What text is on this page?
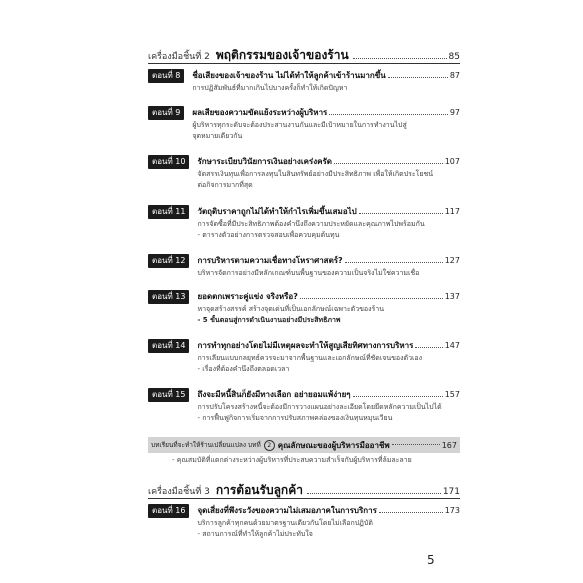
เครื่องมือชิ้นที่ 2 พฤติกรรมของเจ้าของร้าน	85
ตอนที่ 8	ชื่อเสียงของเจ้าของร้าน ไม่ได้ทำให้ลูกค้าเข้าร้านมากขึ้น	87
การปฏิสัมพันธ์ที่มากเกินไปบางครั้งก็ทำให้เกิดปัญหา
ตอนที่ 9	ผลเสียของความขัดแย้งระหว่างผู้บริหาร	97
ผู้บริหารทุกระดับจะต้องประสานงานกันและมีเป้าหมายในการทำงานไปสู่
จุดหมายเดียวกัน
ตอนที่ 10	รักษาระเบียบวินัยการเงินอย่างเคร่งครัด	107
จัดสรรเงินทุนเพื่อการลงทุนในสินทรัพย์อย่างมีประสิทธิภาพ เพื่อให้เกิดประโยชน์
ต่อกิจการมากที่สุด
ตอนที่ 11	วัตถุดิบราคาถูกไม่ได้ทำให้กำไรเพิ่มขึ้นเสมอไป	117
การจัดซื้อที่มีประสิทธิภาพต้องคำนึงถึงความประหยัดและคุณภาพไปพร้อมกัน
- ตารางตัวอย่างการตรวจสอบเพื่อควบคุมต้นทุน
ตอนที่ 12	การบริหารตามความเชื่อทางโหราศาสตร์?	127
บริหารจัดการอย่างมีหลักเกณฑ์บนพื้นฐานของความเป็นจริงไม่ใช่ความเชื่อ
ตอนที่ 13	ยอดตกเพราะคู่แข่ง จริงหรือ?	137
หาจุดสร้างสรรค์ สร้างจุดเด่นที่เป็นเอกลักษณ์เฉพาะตัวของร้าน
- 5 ขั้นตอนสู่การดำเนินงานอย่างมีประสิทธิภาพ
ตอนที่ 14	การทำทุกอย่างโดยไม่มีเหตุผลจะทำให้สูญเสียทิศทางการบริหาร	147
การเลียนแบบกลยุทธ์ควรจะมาจากพื้นฐานและเอกลักษณ์ที่ชัดเจนของตัวเอง
- เรื่องที่ต้องคำนึงถึงตลอดเวลา
ตอนที่ 15	ถึงจะมีหนี้สินก็ยังมีทางเลือก อย่ายอมแพ้ง่ายๆ	157
การปรับโครงสร้างหนี้จะต้องมีการวางแผนอย่างละเอียดโดยยึดหลักความเป็นไปได้
- การฟื้นฟูกิจการเริ่มจากการปรับสภาพคล่องของเงินทุนหมุนเวียน
บทเรียนที่จะทำให้ร้านเปลี่ยนแปลง บทที่	2 คุณลักษณะของผู้บริหารมืออาชีพ	167
- คุณสมบัติที่แตกต่างระหว่างผู้บริหารที่ประสบความสำเร็จกับผู้บริหารที่ล้มละลาย
เครื่องมือชิ้นที่ 3 การต้อนรับลูกค้า	171
ตอนที่ 16	จุดเสี่ยงที่พึงระวังของความไม่เสมอภาคในการบริการ	173
บริการลูกค้าทุกคนด้วยมาตรฐานเดียวกันโดยไม่เลือกปฏิบัติ
- สถานการณ์ที่ทำให้ลูกค้าไม่ประทับใจ
5
